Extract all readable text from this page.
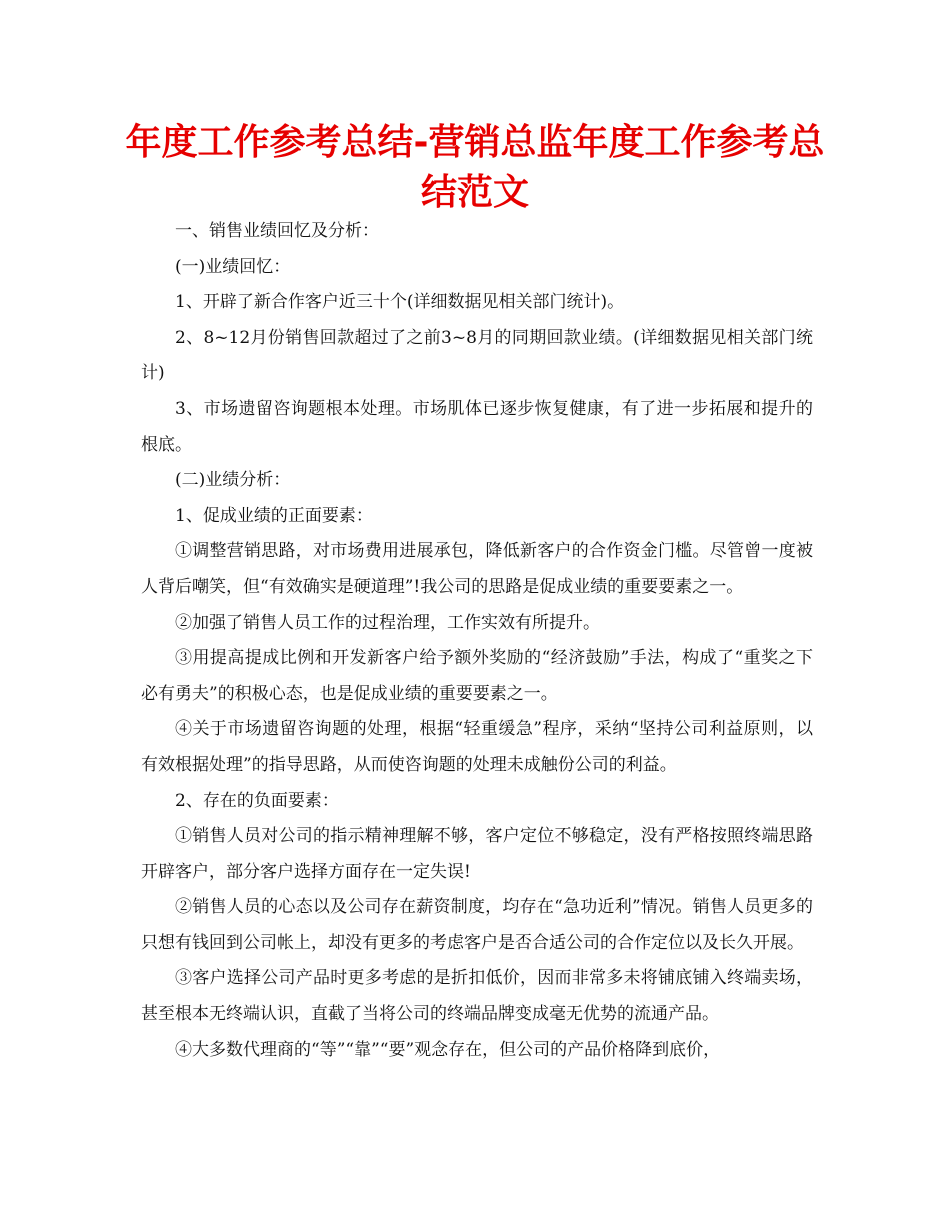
年度工作参考总结-营销总监年度工作参考总结范文

一、销售业绩回忆及分析：

(一)业绩回忆：

1、开辟了新合作客户近三十个(详细数据见相关部门统计)。

2、8~12月份销售回款超过了之前3~8月的同期回款业绩。(详细数据见相关部门统计)

3、市场遗留咨询题根本处理。市场肌体已逐步恢复健康，有了进一步拓展和提升的根底。

(二)业绩分析：

1、促成业绩的正面要素：

①调整营销思路，对市场费用进展承包，降低新客户的合作资金门槛。尽管曾一度被人背后嘲笑，但“有效确实是硬道理”!我公司的思路是促成业绩的重要要素之一。

②加强了销售人员工作的过程治理，工作实效有所提升。

③用提高提成比例和开发新客户给予额外奖励的“经济鼓励”手法，构成了“重奖之下必有勇夫”的积极心态，也是促成业绩的重要要素之一。

④关于市场遗留咨询题的处理，根据“轻重缓急”程序，采纳“坚持公司利益原则，以有效根据处理”的指导思路，从而使咨询题的处理未成触份公司的利益。

2、存在的负面要素：

①销售人员对公司的指示精神理解不够，客户定位不够稳定，没有严格按照终端思路开辟客户，部分客户选择方面存在一定失误!

②销售人员的心态以及公司存在薪资制度，均存在“急功近利”情况。销售人员更多的只想有钱回到公司帐上，却没有更多的考虑客户是否合适公司的合作定位以及长久开展。

③客户选择公司产品时更多考虑的是折扣低价，因而非常多未将铺底铺入终端卖场，甚至根本无终端认识，直截了当将公司的终端品牌变成毫无优势的流通产品。

④大多数代理商的“等”“靠”“要”观念存在，但公司的产品价格降到底价，
